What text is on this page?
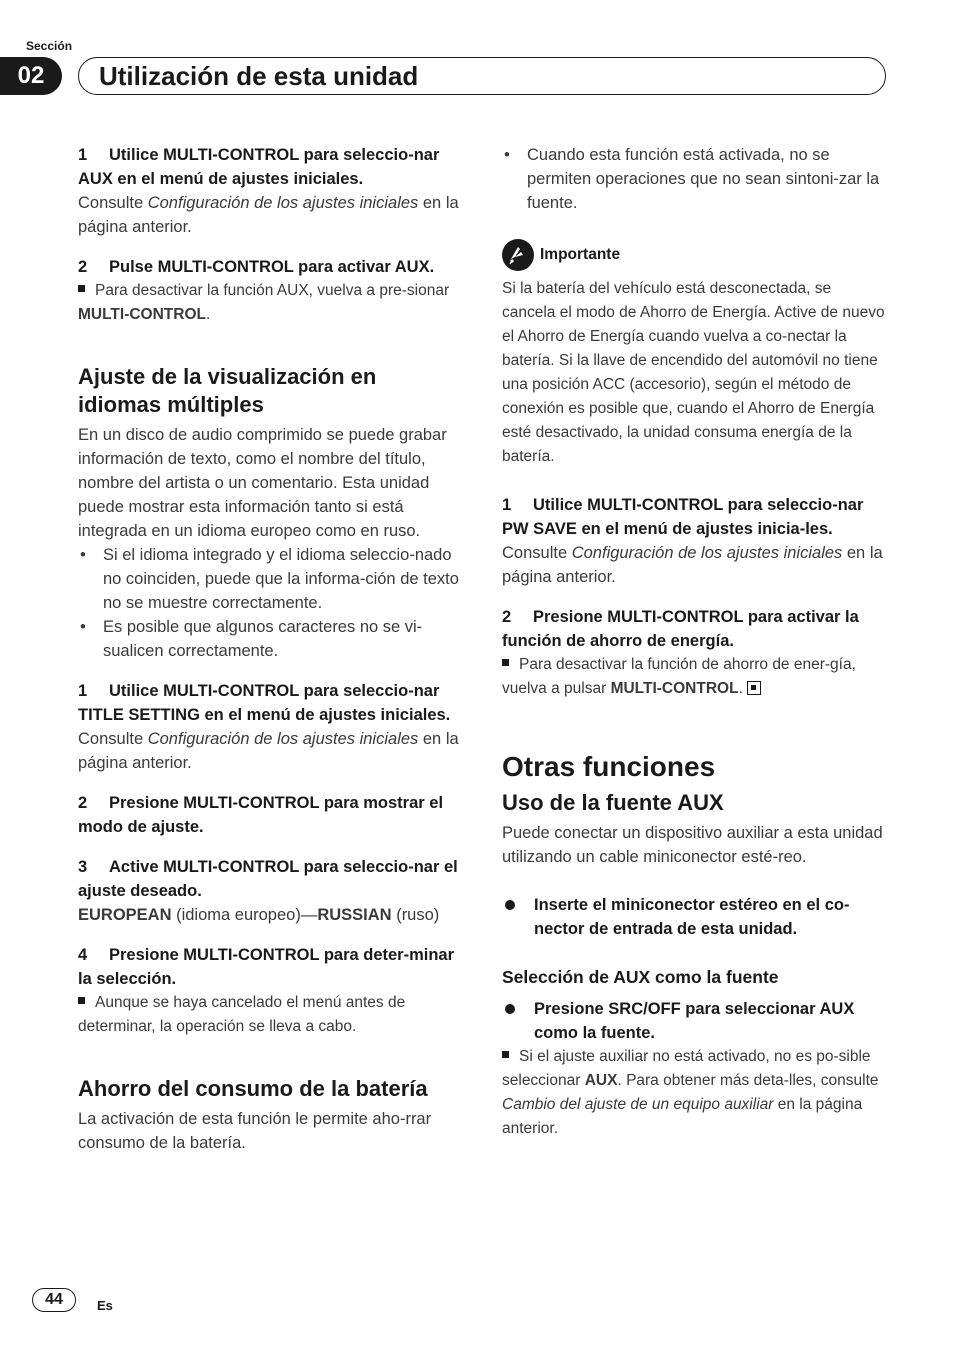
Sección
02	Utilización de esta unidad

1 Utilice MULTI-CONTROL para seleccio-nar AUX en el menú de ajustes iniciales.

Consulte Configuración de los ajustes iniciales en la página anterior.

2 Pulse MULTI-CONTROL para activar AUX.

Para desactivar la función AUX, vuelva a pre-sionar MULTI-CONTROL.

Ajuste de la visualización en idiomas múltiples

En un disco de audio comprimido se puede grabar información de texto, como el nombre del título, nombre del artista o un comentario. Esta unidad puede mostrar esta información tanto si está integrada en un idioma europeo como en ruso.

• Si el idioma integrado y el idioma seleccio-nado no coinciden, puede que la informa-ción de texto no se muestre correctamente.
• Es posible que algunos caracteres no se vi-sualicen correctamente.

1 Utilice MULTI-CONTROL para seleccio-nar TITLE SETTING en el menú de ajustes iniciales.

Consulte Configuración de los ajustes iniciales en la página anterior.

2 Presione MULTI-CONTROL para mostrar el modo de ajuste.

3 Active MULTI-CONTROL para seleccio-nar el ajuste deseado.

EUROPEAN (idioma europeo)—RUSSIAN (ruso)

4 Presione MULTI-CONTROL para deter-minar la selección.

Aunque se haya cancelado el menú antes de determinar, la operación se lleva a cabo.

Ahorro del consumo de la batería

La activación de esta función le permite aho-rrar consumo de la batería.

• Cuando esta función está activada, no se permiten operaciones que no sean sintoni-zar la fuente.
Importante

Si la batería del vehículo está desconectada, se cancela el modo de Ahorro de Energía. Active de nuevo el Ahorro de Energía cuando vuelva a co-nectar la batería. Si la llave de encendido del automóvil no tiene una posición ACC (accesorio), según el método de conexión es posible que, cuando el Ahorro de Energía esté desactivado, la unidad consuma energía de la batería.

1 Utilice MULTI-CONTROL para seleccio-nar PW SAVE en el menú de ajustes inicia-les.

Consulte Configuración de los ajustes iniciales en la página anterior.

2 Presione MULTI-CONTROL para activar la función de ahorro de energía.

Para desactivar la función de ahorro de ener-gía, vuelva a pulsar MULTI-CONTROL.

Otras funciones

Uso de la fuente AUX

Puede conectar un dispositivo auxiliar a esta unidad utilizando un cable miniconector esté-reo.

Inserte el miniconector estéreo en el co-nector de entrada de esta unidad.

Selección de AUX como la fuente

Presione SRC/OFF para seleccionar AUX como la fuente.

Si el ajuste auxiliar no está activado, no es po-sible seleccionar AUX. Para obtener más deta-lles, consulte Cambio del ajuste de un equipo auxiliar en la página anterior.

44	Es
